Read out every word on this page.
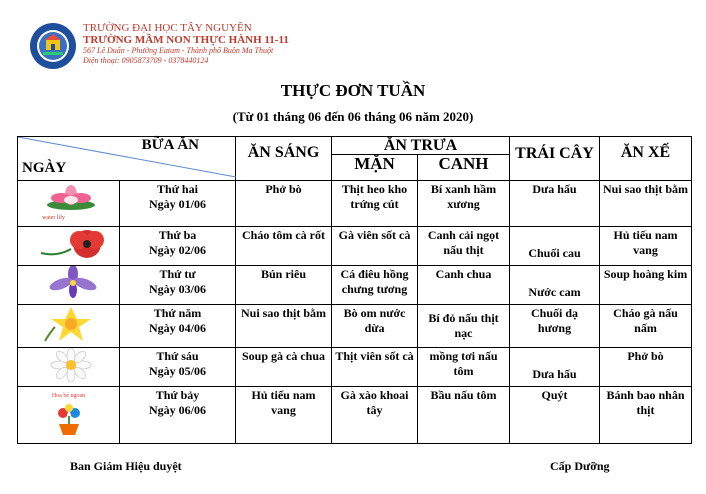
TRƯỜNG ĐẠI HỌC TÂY NGUYÊN
TRƯỜNG MẦM NON THỰC HÀNH 11-11
567 Lê Duẩn - Phường Eatam - Thành phố Buôn Ma Thuột
Điện thoại: 0905873709 - 0378440124
THỰC ĐƠN TUẦN
(Từ 01 tháng 06 đến 06 tháng 06 năm 2020)
BỮA ĂN
NGÀY		ĂN SÁNG	ĂN TRƯA		TRÁI CÂY	ĂN XẾ
			MẶN	CANH		

water lily	Thứ hai
Ngày 01/06	Phở bò	Thịt heo kho trứng cút	Bí xanh hầm xương	Dưa hấu	Nui sao thịt bằm

Thứ ba
Ngày 02/06	Cháo tôm cà rốt	Gà viên sốt cà	Canh cải ngọt nấu thịt	Chuối cau	Hủ tiếu nam vang

Thứ tư
Ngày 03/06	Bún riêu	Cá điêu hồng chưng tương	Canh chua	Nước cam	Soup hoàng kim

Thứ năm
Ngày 04/06	Nui sao thịt bằm	Bò om nước dừa	Bí đỏ nấu thịt nạc	Chuối dạ hương	Cháo gà nấu nấm

Thứ sáu
Ngày 05/06	Soup gà cà chua	Thịt viên sốt cà	mồng tơi nấu tôm	Dưa hấu	Phở bò

Hoa bé ngoan	Thứ bảy
Ngày 06/06	Hủ tiếu nam vang	Gà xào khoai tây	Bầu nấu tôm	Quýt	Bánh bao nhân thịt
Ban Giám Hiệu duyệt	Cấp Dưỡng
